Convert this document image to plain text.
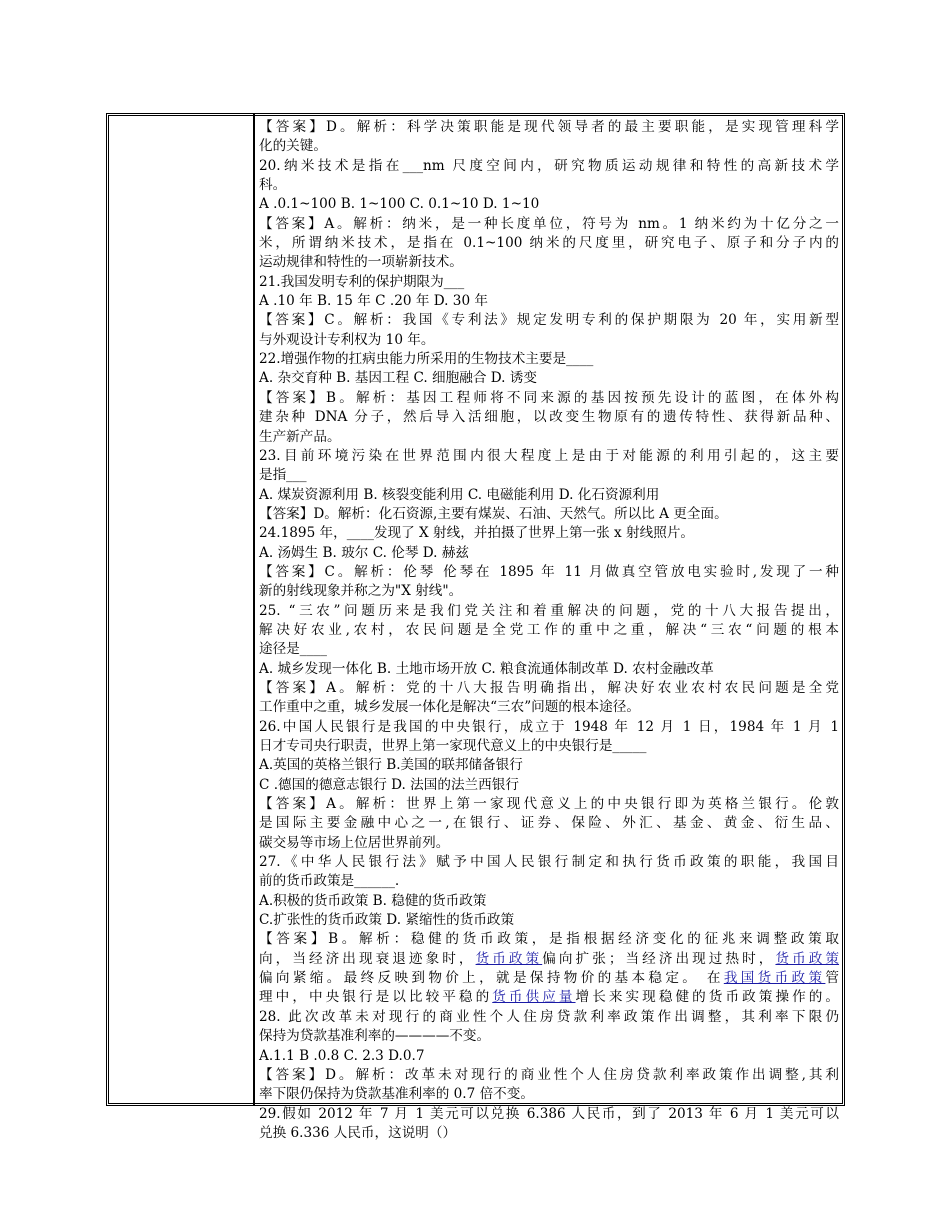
【答案】D。解析：科学决策职能是现代领导者的最主要职能，是实现管理科学
化的关键。
20.纳米技术是指在___nm 尺度空间内，研究物质运动规律和特性的高新技术学
科。
A .0.1~100 B. 1~100 C. 0.1~10 D. 1~10
【答案】A。解析：纳米，是一种长度单位，符号为 nm。1 纳米约为十亿分之一
米，所谓纳米技术，是指在 0.1~100 纳米的尺度里，研究电子、原子和分子内的
运动规律和特性的一项崭新技术。
21.我国发明专利的保护期限为___
A .10 年 B. 15 年 C .20 年 D. 30 年
【答案】C。解析：我国《专利法》规定发明专利的保护期限为 20 年，实用新型
与外观设计专利权为 10 年。
22.增强作物的扛病虫能力所采用的生物技术主要是____
A. 杂交育种 B. 基因工程 C. 细胞融合 D. 诱变
【答案】B。解析：基因工程师将不同来源的基因按预先设计的蓝图，在体外构
建杂种 DNA 分子，然后导入活细胞，以改变生物原有的遗传特性、获得新品种、
生产新产品。
23.目前环境污染在世界范围内很大程度上是由于对能源的利用引起的，这主要
是指___
A. 煤炭资源利用 B. 核裂变能利用 C. 电磁能利用 D. 化石资源利用
【答案】D。解析：化石资源,主要有煤炭、石油、天然气。所以比 A 更全面。
24.1895 年，____发现了 X 射线，并拍摄了世界上第一张 x 射线照片。
A. 汤姆生 B. 玻尔 C. 伦琴 D. 赫兹
【答案】C。解析：伦琴 伦琴在 1895 年 11 月做真空管放电实验时,发现了一种
新的射线现象并称之为"X 射线"。
25. “三农”问题历来是我们党关注和着重解决的问题，党的十八大报告提出，
解决好农业,农村，农民问题是全党工作的重中之重，解决“三农“问题的根本
途径是____
A. 城乡发现一体化 B. 土地市场开放 C. 粮食流通体制改革 D. 农村金融改革
【答案】A。解析：党的十八大报告明确指出，解决好农业农村农民问题是全党
工作重中之重，城乡发展一体化是解决“三农”问题的根本途径。
26.中国人民银行是我国的中央银行，成立于 1948 年 12 月 1 日，1984 年 1 月 1
日才专司央行职责，世界上第一家现代意义上的中央银行是_____
A.英国的英格兰银行 B.美国的联邦储备银行
C .德国的德意志银行 D. 法国的法兰西银行
【答案】A。解析：世界上第一家现代意义上的中央银行即为英格兰银行。伦敦
是国际主要金融中心之一,在银行、证券、保险、外汇、基金、黄金、衍生品、
碳交易等市场上位居世界前列。
27.《中华人民银行法》赋予中国人民银行制定和执行货币政策的职能，我国目
前的货币政策是______.
A.积极的货币政策 B. 稳健的货币政策
C.扩张性的货币政策 D. 紧缩性的货币政策
【答案】B。解析：稳健的货币政策，是指根据经济变化的征兆来调整政策取
向，当经济出现衰退迹象时，货币政策偏向扩张；当经济出现过热时，货币政策
偏向紧缩。最终反映到物价上，就是保持物价的基本稳定。 在我国货币政策管
理中，中央银行是以比较平稳的货币供应量增长来实现稳健的货币政策操作的。
28. 此次改革未对现行的商业性个人住房贷款利率政策作出调整，其利率下限仍
保持为贷款基准利率的————不变。
A.1.1 B .0.8 C. 2.3 D.0.7
【答案】D。解析：改革未对现行的商业性个人住房贷款利率政策作出调整,其利
率下限仍保持为贷款基准利率的 0.7 倍不变。
29.假如 2012 年 7 月 1 美元可以兑换 6.386 人民币，到了 2013 年 6 月 1 美元可以
兑换 6.336 人民币，这说明（）
